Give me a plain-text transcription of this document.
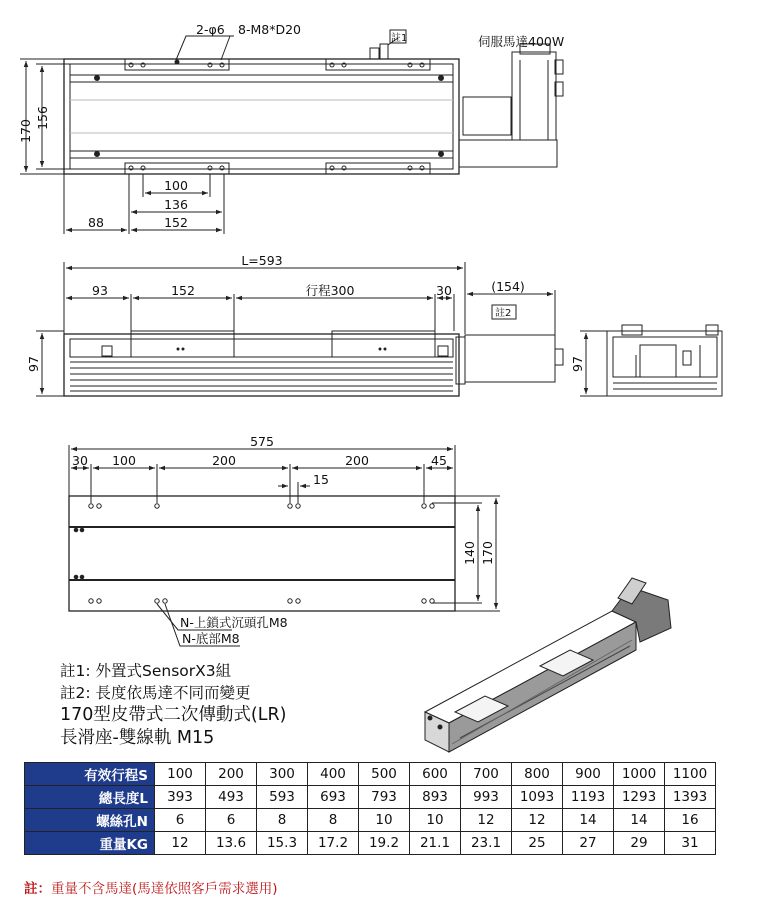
2-φ6 8-M8*D20
註1	伺服馬達400W
170
156
100
136
88	152
L=593
93	152	行程300	30	(154)
註2
97	97
575
30 100	200	200	45
15
140 170
N-上鎖式沉頭孔M8
N-底部M8
註1: 外置式SensorX3組
註2: 長度依馬達不同而變更
170型皮帶式二次傳動式(LR)
長滑座-雙線軌 M15
有效行程S	100	200	300	400	500	600	700	800	900	1000	1100
總長度L	393	493	593	693	793	893	993	1093	1193	1293	1393
螺絲孔N	6	6	8	8	10	10	12	12	14	14	16
重量KG	12	13.6	15.3	17.2	19.2	21.1	23.1	25	27	29	31
註：重量不含馬達(馬達依照客戶需求選用)
